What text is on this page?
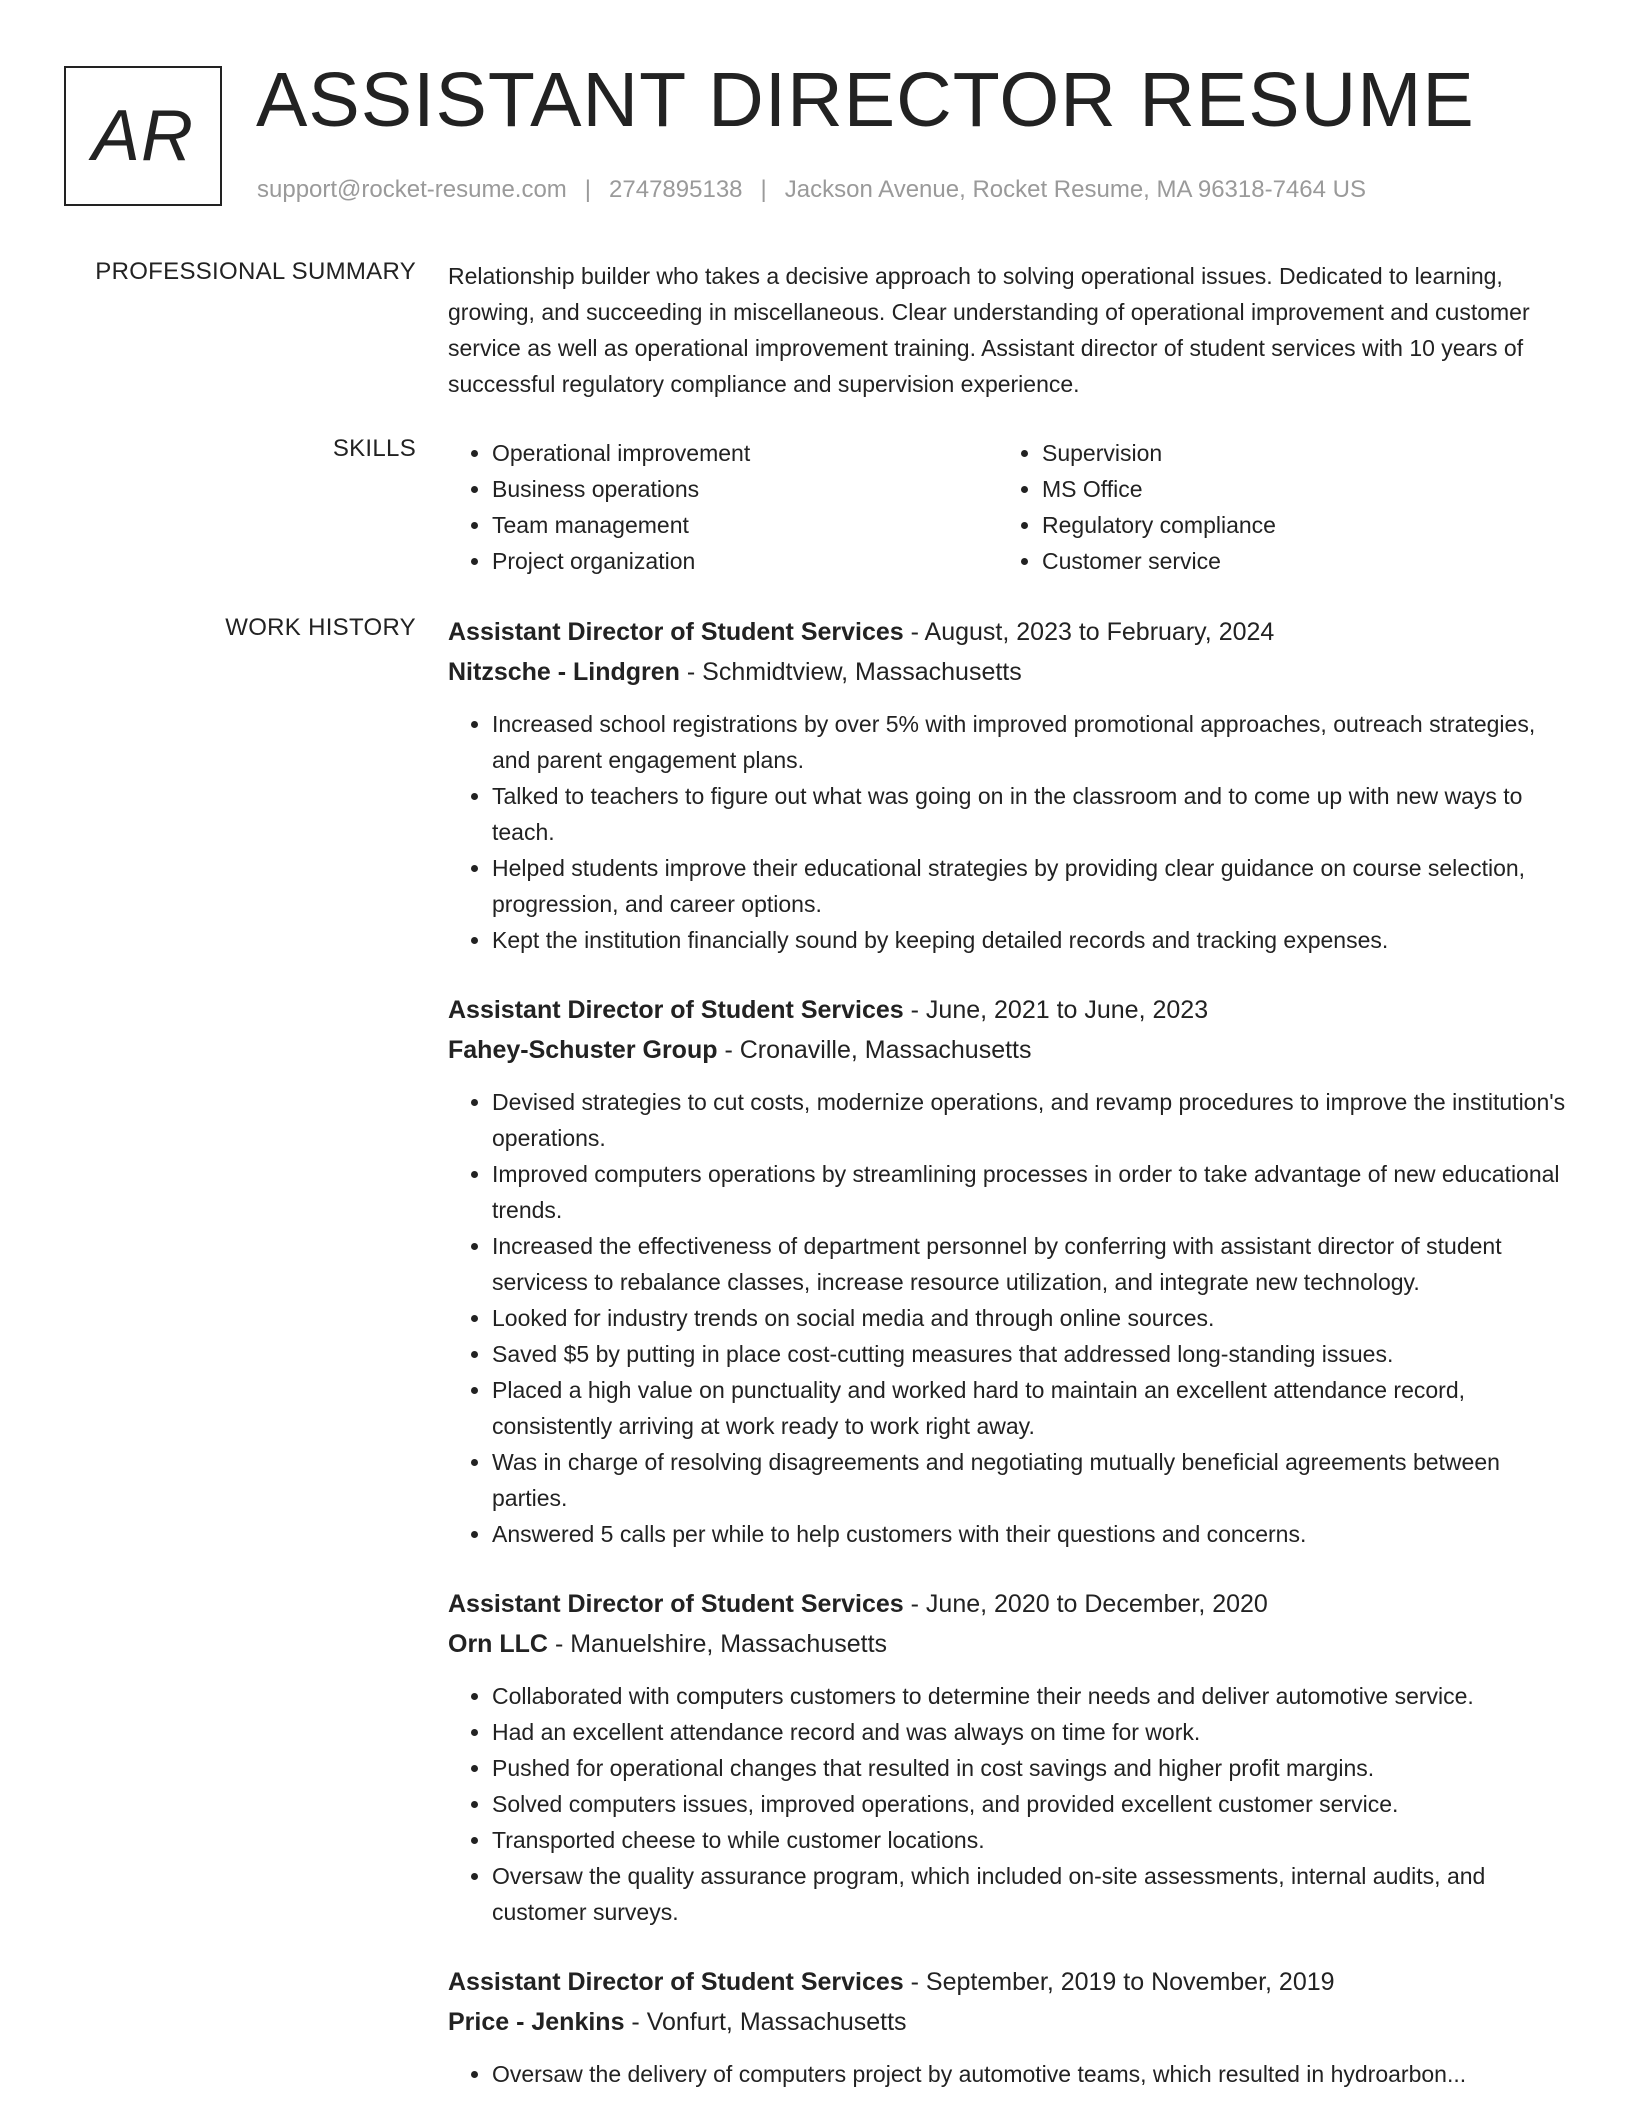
AR ASSISTANT DIRECTOR RESUME
support@rocket-resume.com | 2747895138 | Jackson Avenue, Rocket Resume, MA 96318-7464 US
PROFESSIONAL SUMMARY Relationship builder who takes a decisive approach to solving operational issues. Dedicated to learning, growing, and succeeding in miscellaneous. Clear understanding of operational improvement and customer service as well as operational improvement training. Assistant director of student services with 10 years of successful regulatory compliance and supervision experience.
SKILLS
•	Operational improvement
• Business operations
• Team management
• Project organization
• Supervision
• MS Office
• Regulatory compliance
• Customer service
WORK HISTORY Assistant Director of Student Services - August, 2023 to February, 2024
Nitzsche - Lindgren - Schmidtview, Massachusetts
• Increased school registrations by over 5% with improved promotional approaches, outreach strategies, and parent engagement plans.
• Talked to teachers to figure out what was going on in the classroom and to come up with new ways to teach.
• Helped students improve their educational strategies by providing clear guidance on course selection, progression, and career options.
• Kept the institution financially sound by keeping detailed records and tracking expenses.
Assistant Director of Student Services - June, 2021 to June, 2023
Fahey-Schuster Group - Cronaville, Massachusetts
• Devised strategies to cut costs, modernize operations, and revamp procedures to improve the institution's operations.
• Improved computers operations by streamlining processes in order to take advantage of new educational trends.
• Increased the effectiveness of department personnel by conferring with assistant director of student servicess to rebalance classes, increase resource utilization, and integrate new technology.
• Looked for industry trends on social media and through online sources.
• Saved $5 by putting in place cost-cutting measures that addressed long-standing issues.
• Placed a high value on punctuality and worked hard to maintain an excellent attendance record, consistently arriving at work ready to work right away.
• Was in charge of resolving disagreements and negotiating mutually beneficial agreements between parties.
• Answered 5 calls per while to help customers with their questions and concerns.
Assistant Director of Student Services - June, 2020 to December, 2020
Orn LLC - Manuelshire, Massachusetts
• Collaborated with computers customers to determine their needs and deliver automotive service.
• Had an excellent attendance record and was always on time for work.
• Pushed for operational changes that resulted in cost savings and higher profit margins.
• Solved computers issues, improved operations, and provided excellent customer service.
• Transported cheese to while customer locations.
• Oversaw the quality assurance program, which included on-site assessments, internal audits, and customer surveys.
Assistant Director of Student Services - September, 2019 to November, 2019
Price - Jenkins - Vonfurt, Massachusetts
• Oversaw the delivery of computers project by automotive teams, which resulted in hydroarbon...
